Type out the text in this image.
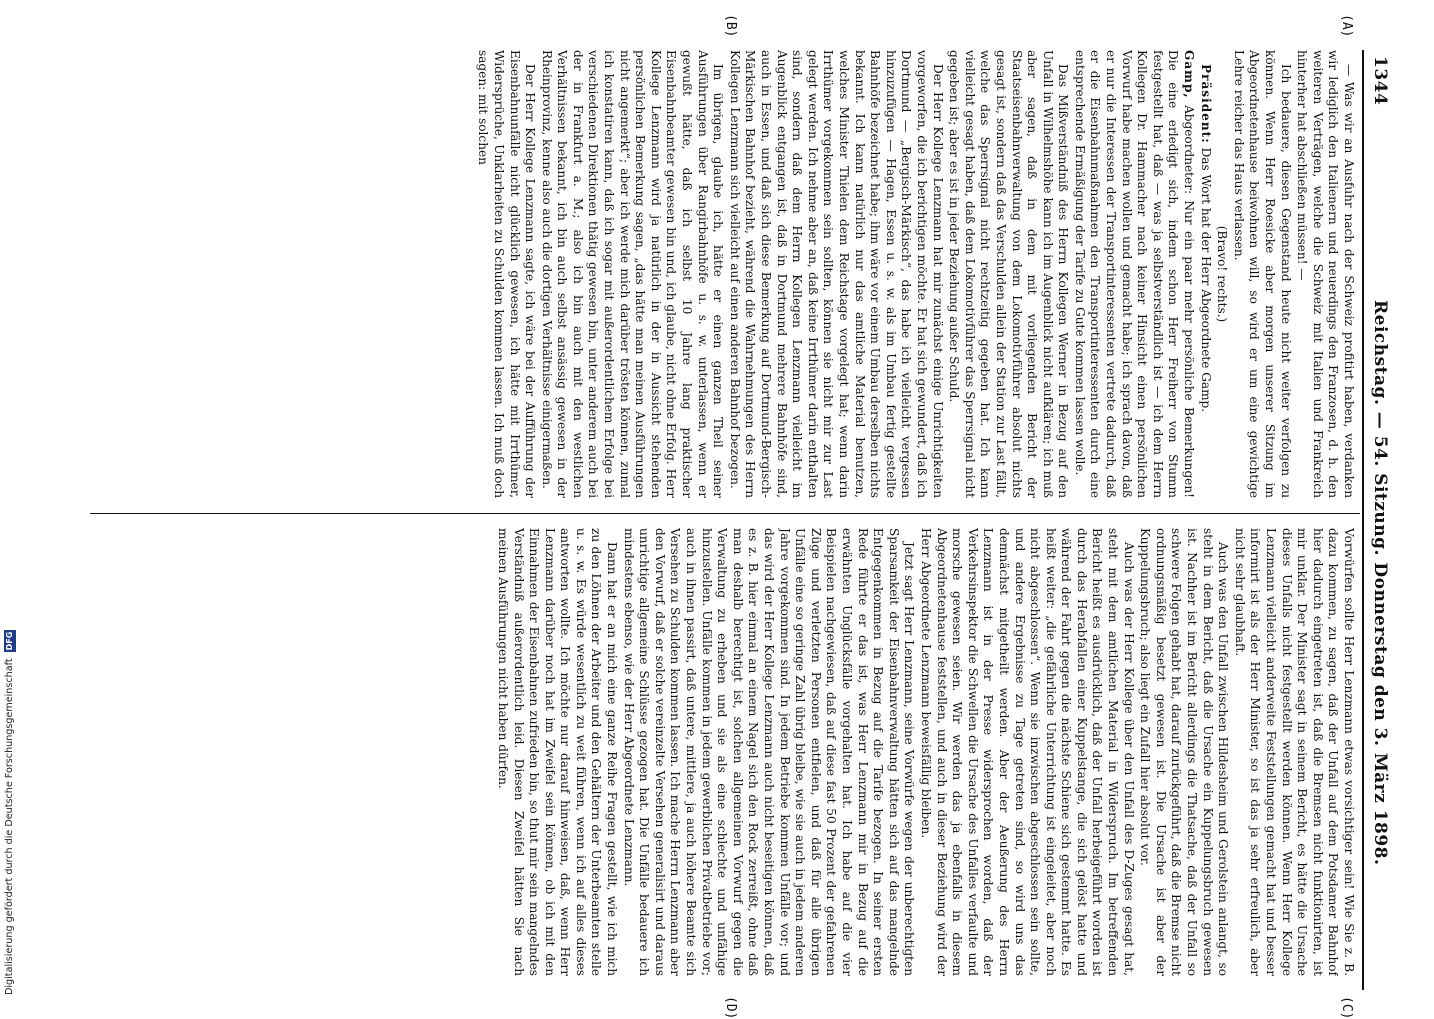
1344
Reichstag. — 54. Sitzung. Donnerstag den 3. März 1898.
(A)
(B)
(C)
(D)

— Was wir an Ausfuhr nach der Schweiz profitirt haben, verdanken wir lediglich den Italienern und neuerdings den Franzosen, d. h. den weiteren Verträgen, welche die Schweiz mit Italien und Frankreich hinterher hat abschließen müssen! —

Ich bedauere, diesen Gegenstand heute nicht weiter verfolgen zu können. Wenn Herr Roesicke aber morgen unserer Sitzung im Abgeordnetenhause beiwohnen will, so wird er um eine gewichtige Lehre reicher das Haus verlassen.

(Bravo! rechts.)

Präsident: Das Wort hat der Herr Abgeordnete Gamp.

Gamp, Abgeordneter: Nur ein paar mehr persönliche Bemerkungen! Die eine erledigt sich, indem schon Herr Freiherr von Stumm festgestellt hat, daß — was ja selbstverständlich ist — ich dem Herrn Kollegen Dr. Hammacher nach keiner Hinsicht einen persönlichen Vorwurf habe machen wollen und gemacht habe; ich sprach davon, daß er nur die Interessen der Transportinteressenten vertrete dadurch, daß er die Eisenbahnmaßnahmen den Transportinteressenten durch eine entsprechende Ermäßigung der Tarife zu Gute kommen lassen wolle.

Das Mißverständniß des Herrn Kollegen Werner in Bezug auf den Unfall in Wilhelmshöhe kann ich im Augenblick nicht aufklären; ich muß aber sagen, daß in dem mit vorliegenden Bericht der Staatseisenbahnverwaltung von dem Lokomotivführer absolut nichts gesagt ist, sondern daß das Verschulden allein der Station zur Last fällt, welche das Sperrsignal nicht rechtzeitig gegeben hat. Ich kann vielleicht gesagt haben, daß dem Lokomotivführer das Sperrsignal nicht gegeben ist; aber es ist in jeder Beziehung außer Schuld.

Der Herr Kollege Lenzmann hat mir zunächst einige Unrichtigkeiten vorgeworfen, die ich berichtigen möchte. Er hat sich gewundert, daß ich Dortmund — „Bergisch-Märkisch“, das habe ich vielleicht vergessen hinzuzufügen — Hagen, Essen u. s. w. als im Umbau fertig gestellte Bahnhöfe bezeichnet habe; ihm wäre vor einem Umbau derselben nichts bekannt. Ich kann natürlich nur das amtliche Material benutzen, welches Minister Thielen dem Reichstage vorgelegt hat; wenn darin Irrthümer vorgekommen sein sollten, können sie nicht mir zur Last gelegt werden. Ich nehme aber an, daß keine Irrthümer darin enthalten sind, sondern daß dem Herrn Kollegen Lenzmann vielleicht im Augenblick entgangen ist, daß in Dortmund mehrere Bahnhöfe sind, auch in Essen, und daß sich diese Bemerkung auf Dortmund-Bergisch-Märkischen Bahnhof bezieht, während die Wahrnehmungen des Herrn Kollegen Lenzmann sich vielleicht auf einen anderen Bahnhof bezogen.

Im übrigen, glaube ich, hätte er einen ganzen Theil seiner Ausführungen über Rangirbahnhöfe u. s. w. unterlassen, wenn er gewußt hätte, daß ich selbst 10 Jahre lang praktischer Eisenbahnbeamter gewesen bin und, ich glaube, nicht ohne Erfolg. Herr Kollege Lenzmann wird ja natürlich in der in Aussicht stehenden persönlichen Bemerkung sagen, „das hätte man meinen Ausführungen nicht angemerkt“; aber ich werde mich darüber trösten können, zumal ich konstatiren kann, daß ich sogar mit außerordentlichem Erfolge bei verschiedenen Direktionen thätig gewesen bin, unter anderem auch bei der in Frankfurt a. M.; also ich bin auch mit den westlichen Verhältnissen bekannt, ich bin auch selbst ansässig gewesen in der Rheinprovinz, kenne also auch die dortigen Verhältnisse einigermaßen.

Der Herr Kollege Lenzmann sagte, ich wäre bei der Aufführung der Eisenbahnunfälle nicht glücklich gewesen, ich hätte mit Irrthümer, Widersprüche, Unklarheiten zu Schulden kommen lassen. Ich muß doch sagen: mit solchen

Vorwürfen sollte Herr Lenzmann etwas vorsichtiger sein! Wie Sie z. B. dazu kommen, zu sagen, daß der Unfall auf dem Potsdamer Bahnhof hier dadurch eingetreten ist, daß die Bremsen nicht funktionirten, ist mir unklar. Der Minister sagt in seinem Bericht, es hätte die Ursache dieses Unfalls nicht festgestellt werden können. Wenn Herr Kollege Lenzmann vielleicht anderweite Feststellungen gemacht hat und besser informirt ist als der Herr Minister, so ist das ja sehr erfreulich, aber nicht sehr glaubhaft.

Auch was den Unfall zwischen Hildesheim und Gerolstein anlangt, so steht in dem Bericht, daß die Ursache ein Kuppelungsbruch gewesen ist. Nachher ist im Bericht allerdings die Thatsache, daß der Unfall so schwere Folgen gehabt hat, darauf zurückgeführt, daß die Bremse nicht ordnungsmäßig besetzt gewesen ist. Die Ursache ist aber der Kuppelungsbruch; also liegt ein Zufall hier absolut vor.

Auch was der Herr Kollege über den Unfall des D-Zuges gesagt hat, steht mit dem amtlichen Material in Widerspruch. Im betreffenden Bericht heißt es ausdrücklich, daß der Unfall herbeigeführt worden ist durch das Herabfallen einer Kuppelstange, die sich gelöst hatte und während der Fahrt gegen die nächste Schiene sich gestemmt hatte. Es heißt weiter: „die gefährliche Unterrichtung ist eingeleitet, aber noch nicht abgeschlossen“. Wenn sie inzwischen abgeschlossen sein sollte, und andere Ergebnisse zu Tage getreten sind, so wird uns das demnächst mitgetheilt werden. Aber der Aeußerung des Herrn Lenzmann ist in der Presse widersprochen worden, daß der Verkehrsinspektor die Schwellen die Ursache des Unfalles verfaulte und morsche gewesen seien. Wir werden das ja ebenfalls in diesem Abgeordnetenhause feststellen, und auch in dieser Beziehung wird der Herr Abgeordnete Lenzmann beweisfällig bleiben.

Jetzt sagt Herr Lenzmann, seine Vorwürfe wegen der unberechtigten Sparsamkeit der Eisenbahnverwaltung hätten sich auf das mangelnde Entgegenkommen in Bezug auf die Tarife bezogen. In seiner ersten Rede führte er das ist, was Herr Lenzmann mir in Bezug auf die erwähnten Unglücksfälle vorgehalten hat. Ich habe auf die vier Beispielen nachgewiesen, daß auf diese fast 50 Prozent der gefahrenen Züge und verletzten Personen entfielen, und daß für alle übrigen Unfälle eine so geringe Zahl übrig bleibe, wie sie auch in jedem anderen Jahre vorgekommen sind. In jedem Betriebe kommen Unfälle vor; und das wird der Herr Kollege Lenzmann auch nicht beseitigen können, daß es z. B. hier einmal an einem Nagel sich den Rock zerreißt, ohne daß man deshalb berechtigt ist, solchen allgemeinen Vorwurf gegen die Verwaltung zu erheben und sie als eine schlechte und unfähige hinzustellen. Unfälle kommen in jedem gewerblichen Privatbetriebe vor; auch in ihnen passirt, daß untere, mittlere, ja auch höhere Beamte sich Versehen zu Schulden kommen lassen. Ich mache Herrn Lenzmann aber den Vorwurf, daß er solche vereinzelte Versehen generalisirt und daraus unrichtige allgemeine Schlüsse gezogen hat. Die Unfälle bedauere ich mindestens ebenso, wie der Herr Abgeordnete Lenzmann.

Dann hat er an mich eine ganze Reihe Fragen gestellt, wie ich mich zu den Löhnen der Arbeiter und den Gehältern der Unterbeamten stelle u. s. w. Es würde wesentlich zu weit führen, wenn ich auf alles dieses antworten wollte. Ich möchte nur darauf hinweisen, daß, wenn Herr Lenzmann darüber noch hat im Zweifel sein können, ob ich mit den Einnahmen der Eisenbahnen zufrieden bin, so thut mir sein mangelndes Verständniß außerordentlich leid. Diesen Zweifel hätten Sie nach meinen Ausführungen nicht haben dürfen.

Digitalisierung gefördert durch die Deutsche Forschungsgemeinschaft DFG
